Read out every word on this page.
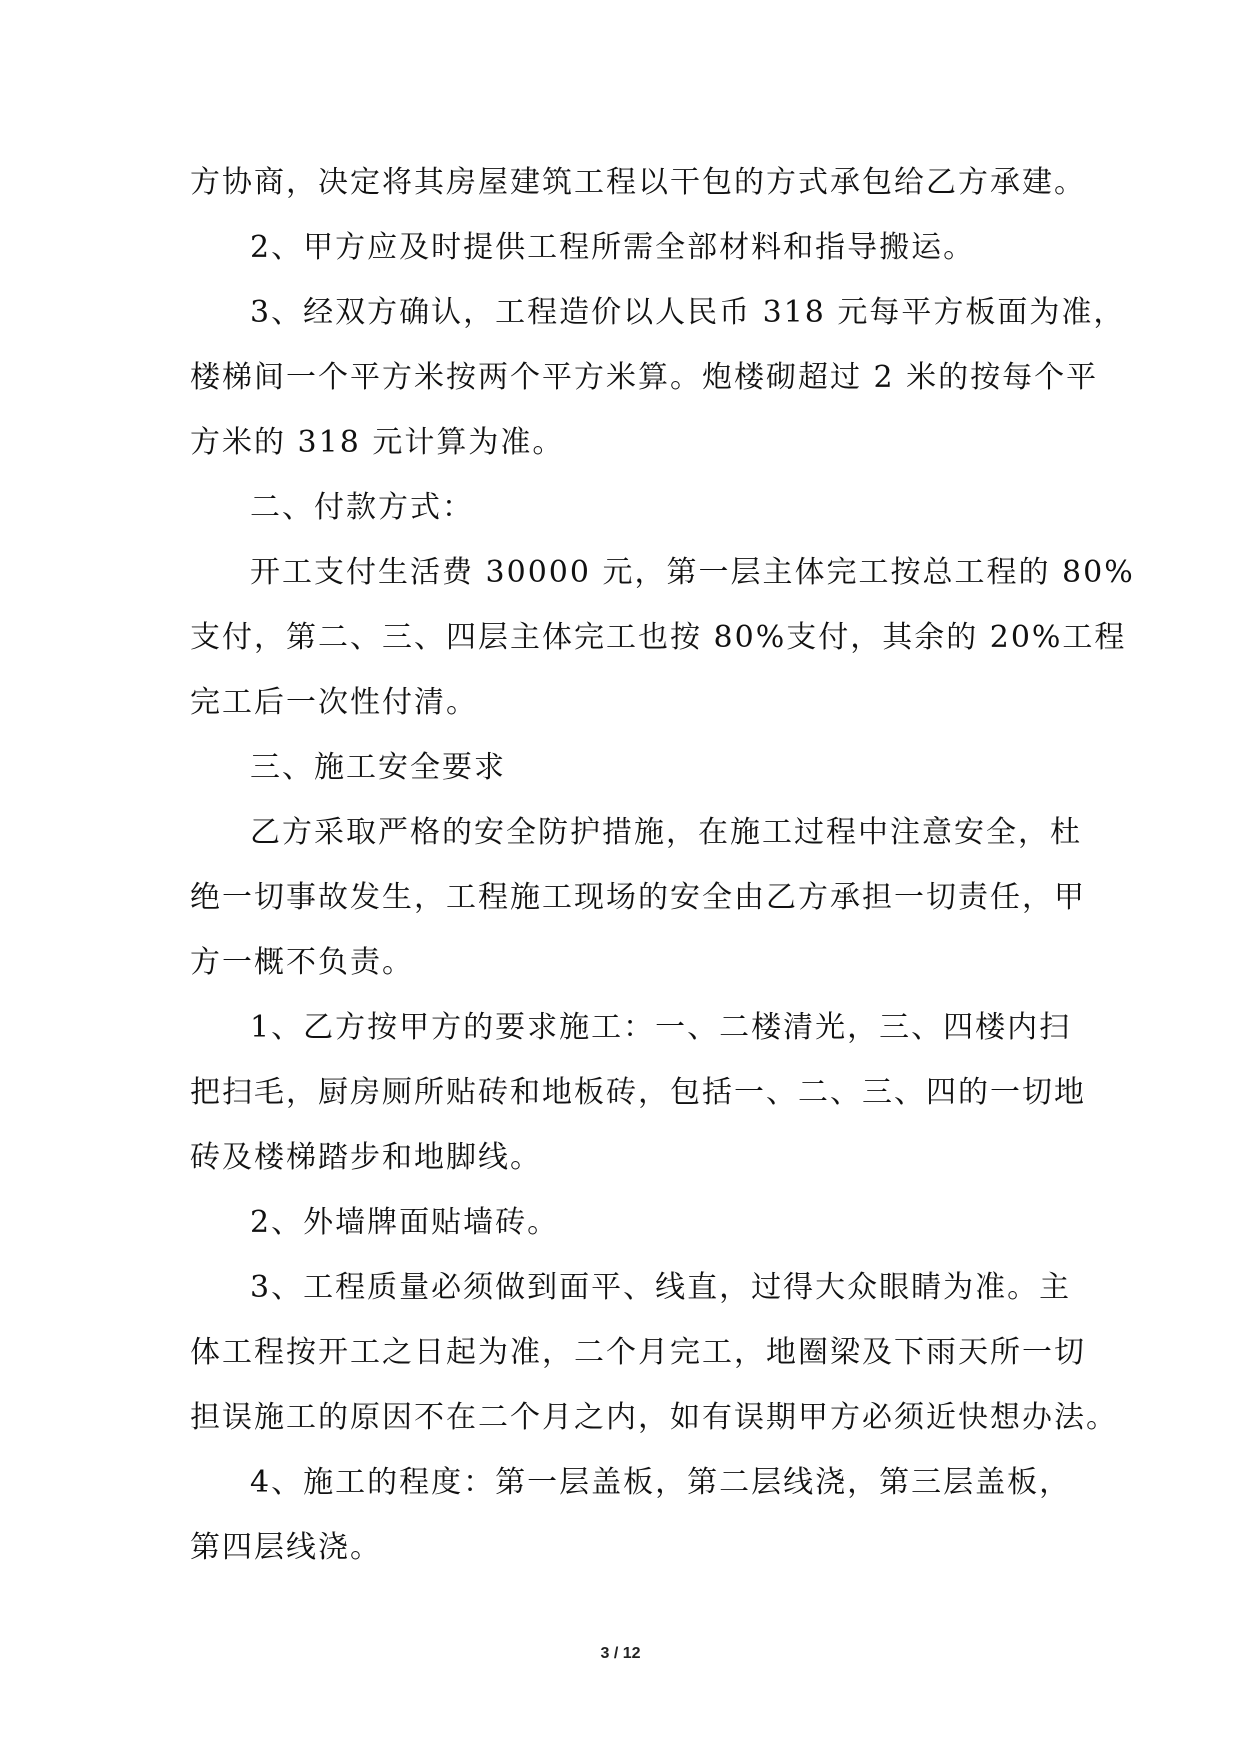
方协商，决定将其房屋建筑工程以干包的方式承包给乙方承建。

2、甲方应及时提供工程所需全部材料和指导搬运。

3、经双方确认，工程造价以人民币 318 元每平方板面为准，

楼梯间一个平方米按两个平方米算。炮楼砌超过 2 米的按每个平

方米的 318 元计算为准。

二、付款方式：

开工支付生活费 30000 元，第一层主体完工按总工程的 80%

支付，第二、三、四层主体完工也按 80%支付，其余的 20%工程

完工后一次性付清。

三、施工安全要求

乙方采取严格的安全防护措施，在施工过程中注意安全，杜

绝一切事故发生，工程施工现场的安全由乙方承担一切责任，甲

方一概不负责。

1、乙方按甲方的要求施工：一、二楼清光，三、四楼内扫

把扫毛，厨房厕所贴砖和地板砖，包括一、二、三、四的一切地

砖及楼梯踏步和地脚线。

2、外墙牌面贴墙砖。

3、工程质量必须做到面平、线直，过得大众眼睛为准。主

体工程按开工之日起为准，二个月完工，地圈梁及下雨天所一切

担误施工的原因不在二个月之内，如有误期甲方必须近快想办法。

4、施工的程度：第一层盖板，第二层线浇，第三层盖板，

第四层线浇。

3 / 12
